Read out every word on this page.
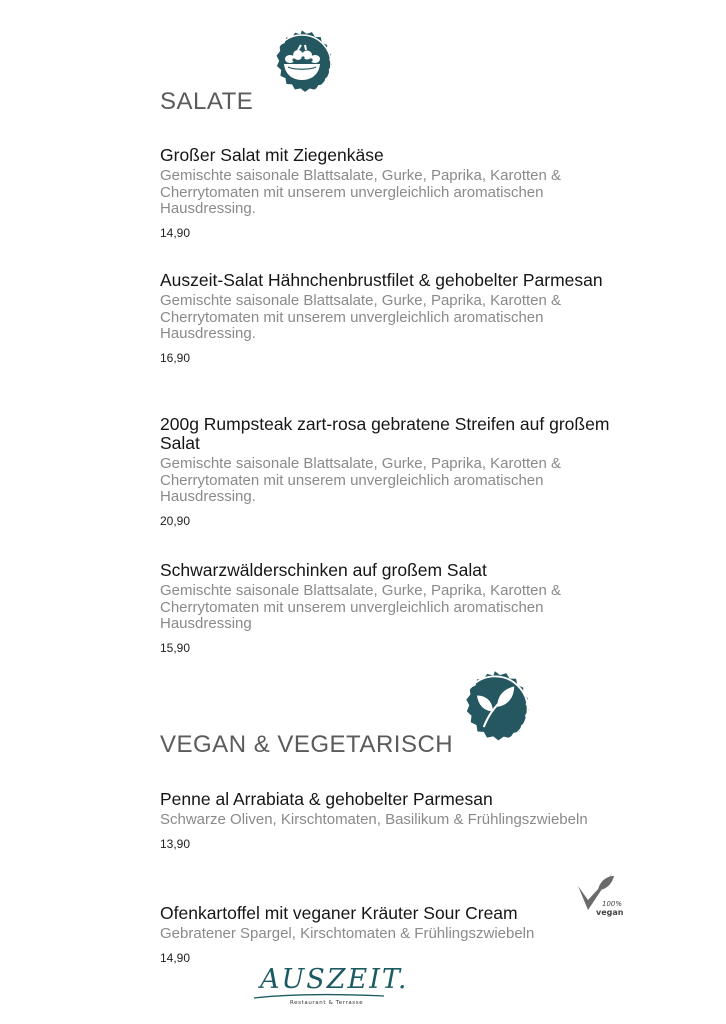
SALATE

Großer Salat mit Ziegenkäse

Gemischte saisonale Blattsalate, Gurke, Paprika, Karotten & Cherrytomaten mit unserem unvergleichlich aromatischen Hausdressing.

14,90

Auszeit-Salat Hähnchenbrustfilet & gehobelter Parmesan

Gemischte saisonale Blattsalate, Gurke, Paprika, Karotten & Cherrytomaten mit unserem unvergleichlich aromatischen Hausdressing.

16,90

200g Rumpsteak zart-rosa gebratene Streifen auf großem Salat

Gemischte saisonale Blattsalate, Gurke, Paprika, Karotten & Cherrytomaten mit unserem unvergleichlich aromatischen Hausdressing.

20,90

Schwarzwälderschinken auf großem Salat

Gemischte saisonale Blattsalate, Gurke, Paprika, Karotten & Cherrytomaten mit unserem unvergleichlich aromatischen Hausdressing

15,90

VEGAN & VEGETARISCH

Penne al Arrabiata & gehobelter Parmesan

Schwarze Oliven, Kirschtomaten, Basilikum & Frühlingszwiebeln

13,90

Ofenkartoffel mit veganer Kräuter Sour Cream

Gebratener Spargel, Kirschtomaten & Frühlingszwiebeln

14,90

100%
vegan
AUSZEIT.
Restaurant & Terrasse
